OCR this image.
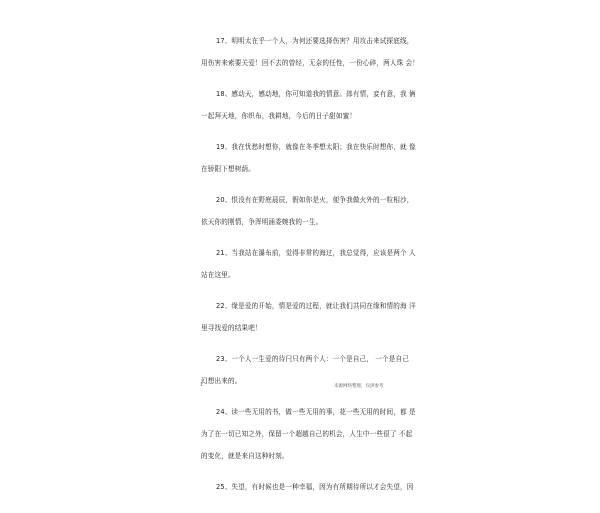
17、明明太在乎一个人，为何还要选择伤害？用攻击来试探底线，
用伤害来索要关爱！回不去的曾经，无奈的任性，一份心碎，两人珠 会！
18、感动天，感动地，你可知道我的情意。郎有情，妾有意，我 俩
一起拜天地，你织布，我耕地，今后的日子甜如蜜！
19、我在忧愁时想你，就像在冬季想太阳；我在快乐时想你，就 像
在骄阳下想树荫。
20、恨没有在野庭晨辰，假如你是火，便争我做火外的一粒相沙，
依天你的刚情，争浑明涌委婉我的一生。
21、当我站在瀑布前，觉得非常的海过，我总觉得，应该是两个 人
站在这里。
22、缘是爱的开始，情是爱的过程，就让我们共同在缘和情的海 洋
里寻找爱的结果吧！
23、一个人一生爱的待闩只有两个人：一个是自己， 一个是自己
幻想出来的。
24、读一些无用的书，做一些无用的事，花一些无用的时间，都 是
为了在一切已知之外，保留一个超越自己的机会，人生中一些很了 不起
的变化，就是来自这种时刻。
25、失望，有时候也是一种幸福，因为有所期待所以才会失望，因
1	来源网络整理，仅供参考
